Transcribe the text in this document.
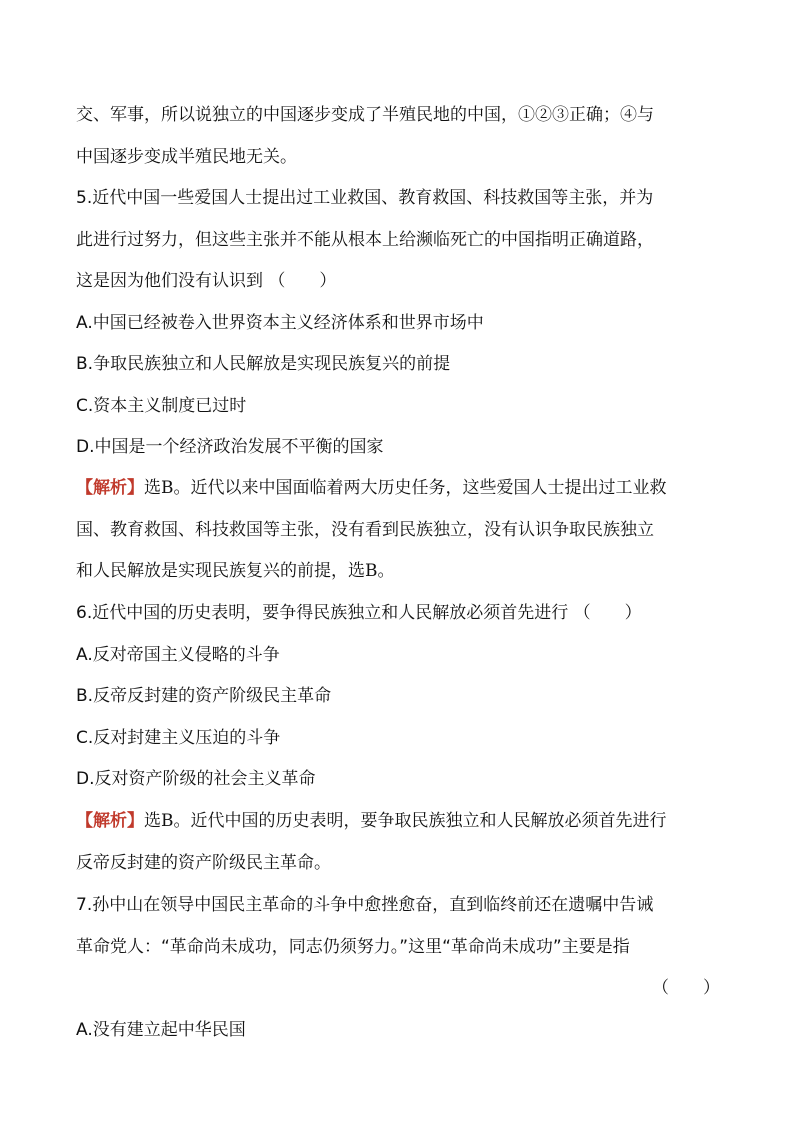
交、军事，所以说独立的中国逐步变成了半殖民地的中国，①②③正确；④与
中国逐步变成半殖民地无关。
5.近代中国一些爱国人士提出过工业救国、教育救国、科技救国等主张，并为
此进行过努力，但这些主张并不能从根本上给濒临死亡的中国指明正确道路，
这是因为他们没有认识到 （　　）
A.中国已经被卷入世界资本主义经济体系和世界市场中
B.争取民族独立和人民解放是实现民族复兴的前提
C.资本主义制度已过时
D.中国是一个经济政治发展不平衡的国家
【解析】选B。近代以来中国面临着两大历史任务，这些爱国人士提出过工业救
国、教育救国、科技救国等主张，没有看到民族独立，没有认识争取民族独立
和人民解放是实现民族复兴的前提，选B。
6.近代中国的历史表明，要争得民族独立和人民解放必须首先进行 （　　）
A.反对帝国主义侵略的斗争
B.反帝反封建的资产阶级民主革命
C.反对封建主义压迫的斗争
D.反对资产阶级的社会主义革命
【解析】选B。近代中国的历史表明，要争取民族独立和人民解放必须首先进行
反帝反封建的资产阶级民主革命。
7.孙中山在领导中国民主革命的斗争中愈挫愈奋，直到临终前还在遗嘱中告诫
革命党人：“革命尚未成功，同志仍须努力。”这里“革命尚未成功”主要是指
（　　）
A.没有建立起中华民国
